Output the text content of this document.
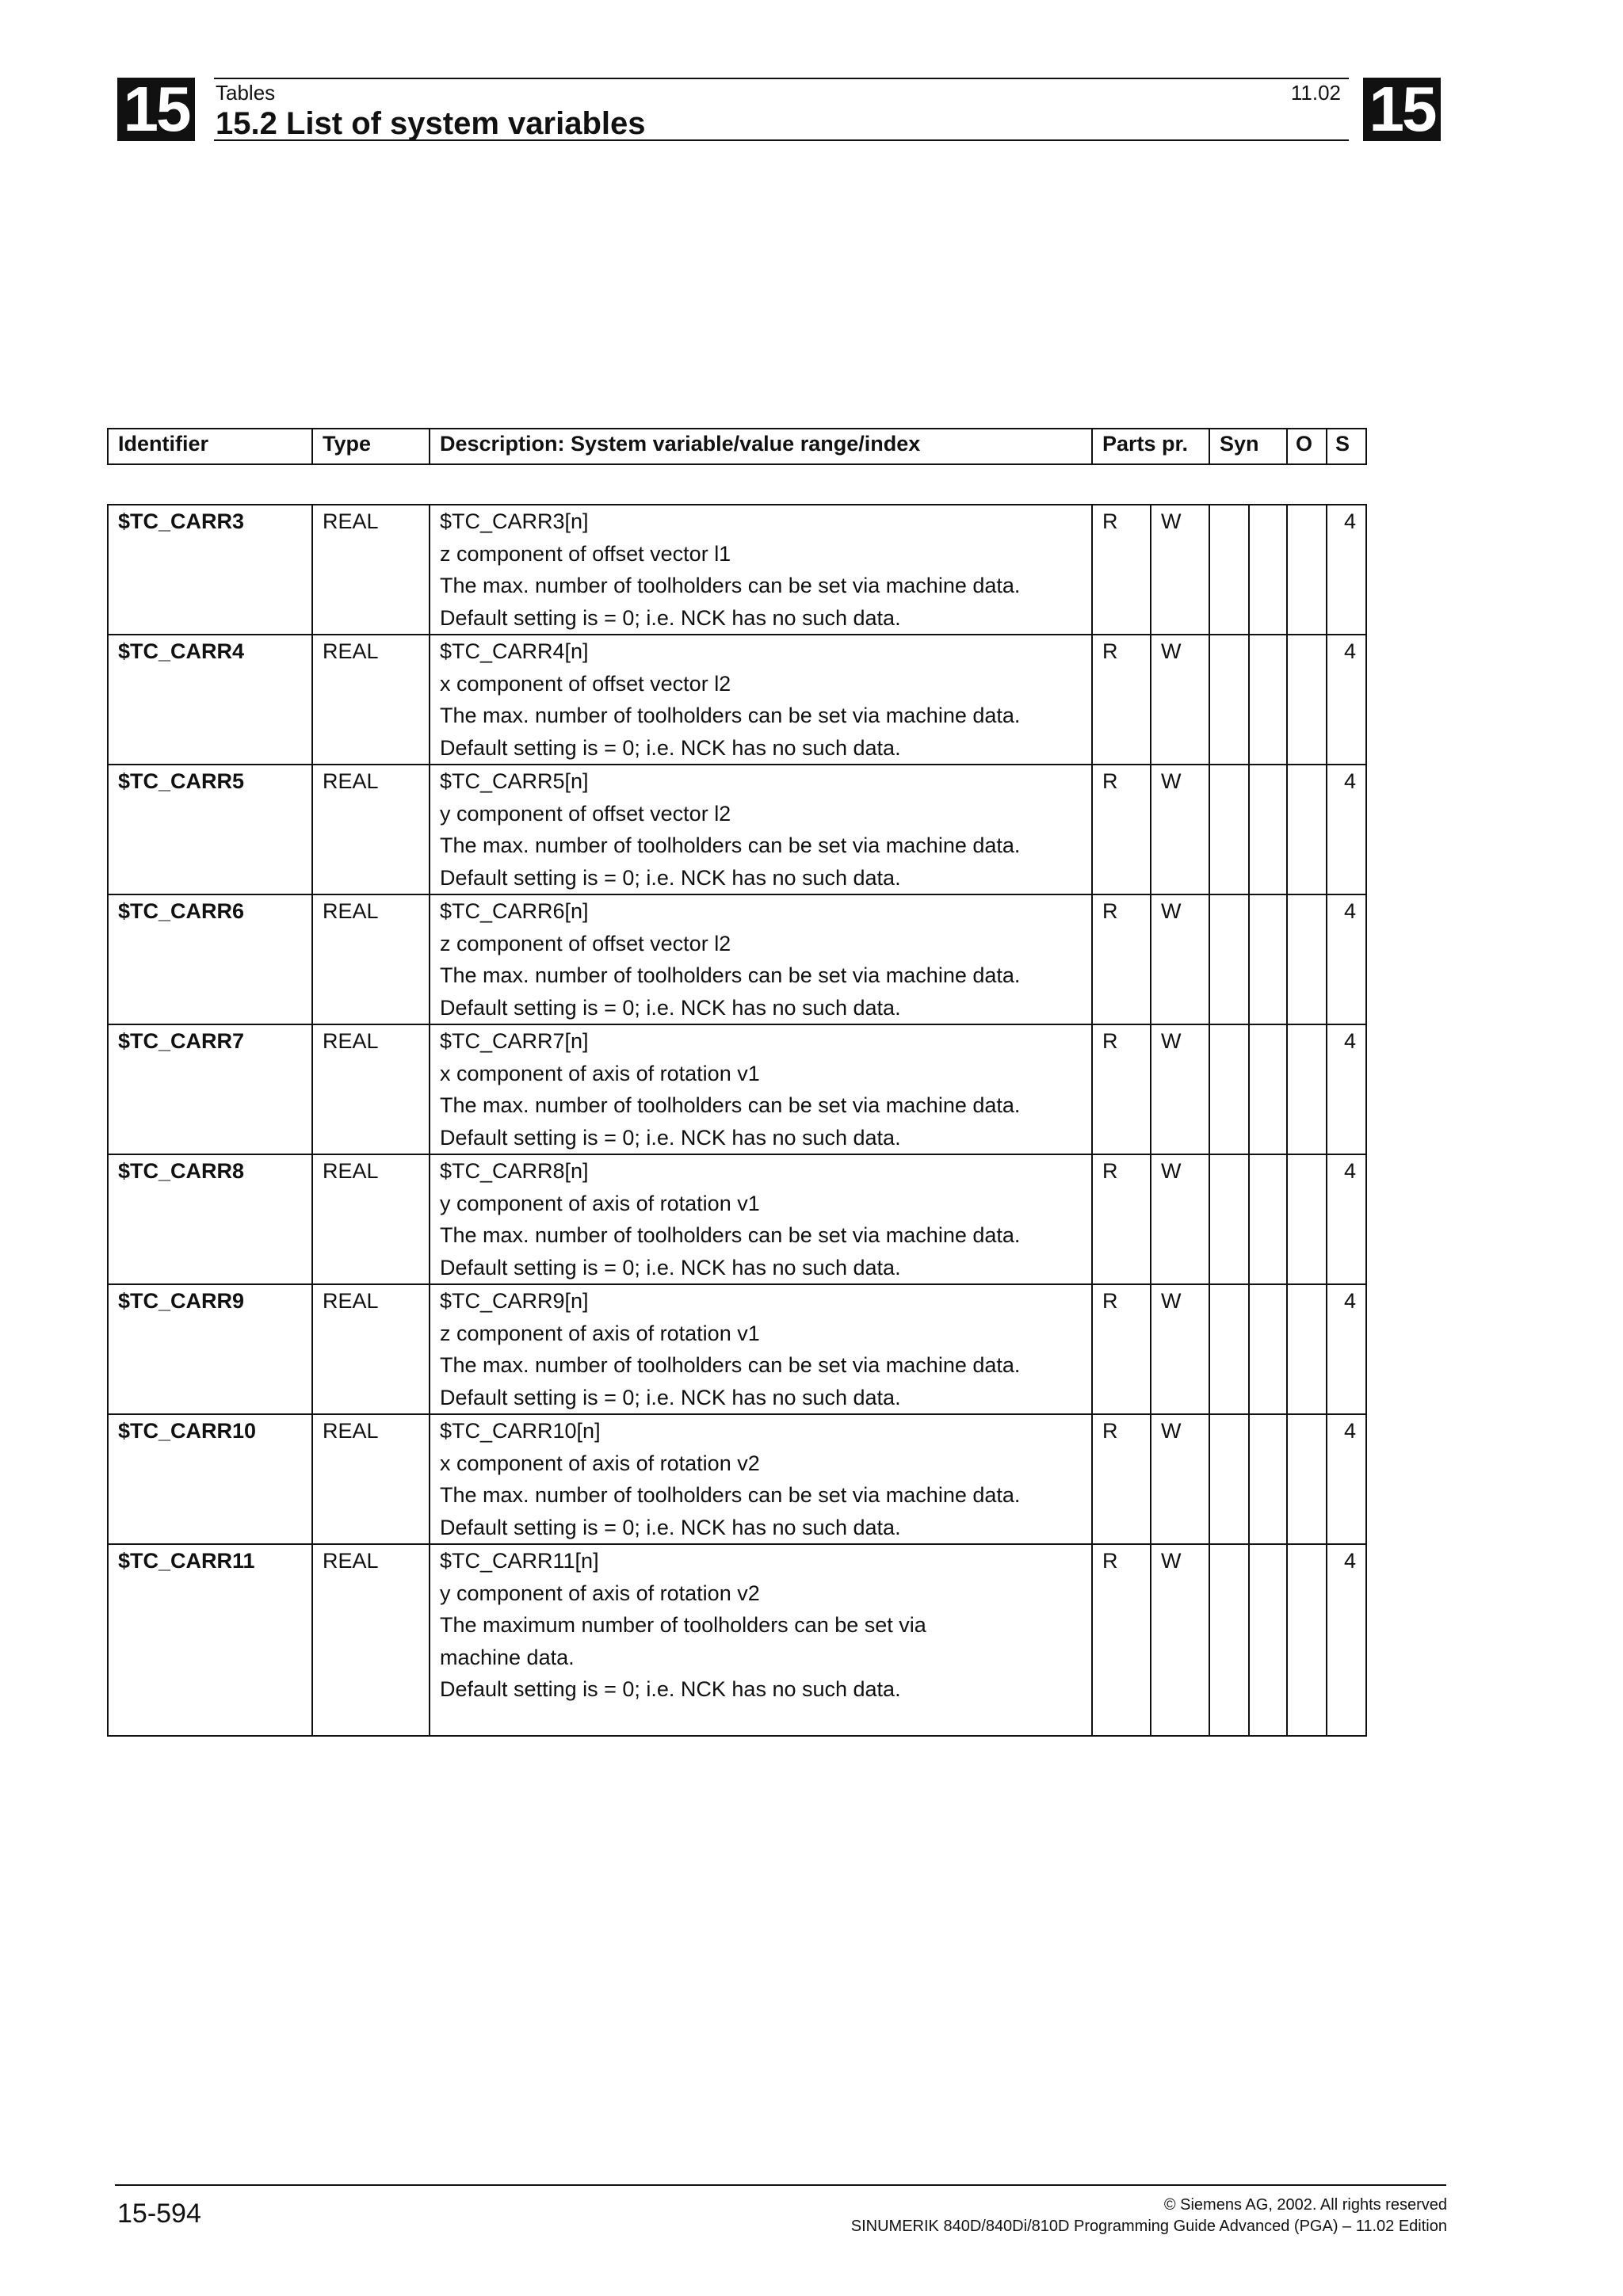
15	15
Tables	11.02
15.2 List of system variables
Identifier	Type	Description: System variable/value range/index	Parts pr.	Syn	O	S
$TC_CARR3	REAL	$TC_CARR3[n]
z component of offset vector l1
The max. number of toolholders can be set via machine data.
Default setting is = 0; i.e. NCK has no such data.	R	W				4
$TC_CARR4	REAL	$TC_CARR4[n]
x component of offset vector l2
The max. number of toolholders can be set via machine data.
Default setting is = 0; i.e. NCK has no such data.	R	W				4
$TC_CARR5	REAL	$TC_CARR5[n]
y component of offset vector l2
The max. number of toolholders can be set via machine data.
Default setting is = 0; i.e. NCK has no such data.	R	W				4
$TC_CARR6	REAL	$TC_CARR6[n]
z component of offset vector l2
The max. number of toolholders can be set via machine data.
Default setting is = 0; i.e. NCK has no such data.	R	W				4
$TC_CARR7	REAL	$TC_CARR7[n]
x component of axis of rotation v1
The max. number of toolholders can be set via machine data.
Default setting is = 0; i.e. NCK has no such data.	R	W				4
$TC_CARR8	REAL	$TC_CARR8[n]
y component of axis of rotation v1
The max. number of toolholders can be set via machine data.
Default setting is = 0; i.e. NCK has no such data.	R	W				4
$TC_CARR9	REAL	$TC_CARR9[n]
z component of axis of rotation v1
The max. number of toolholders can be set via machine data.
Default setting is = 0; i.e. NCK has no such data.	R	W				4
$TC_CARR10	REAL	$TC_CARR10[n]
x component of axis of rotation v2
The max. number of toolholders can be set via machine data.
Default setting is = 0; i.e. NCK has no such data.	R	W				4
$TC_CARR11	REAL	$TC_CARR11[n]
y component of axis of rotation v2
The maximum number of toolholders can be set via
machine data.
Default setting is = 0; i.e. NCK has no such data.	R	W				4
15-594	© Siemens AG, 2002. All rights reserved
SINUMERIK 840D/840Di/810D Programming Guide Advanced (PGA) – 11.02 Edition
